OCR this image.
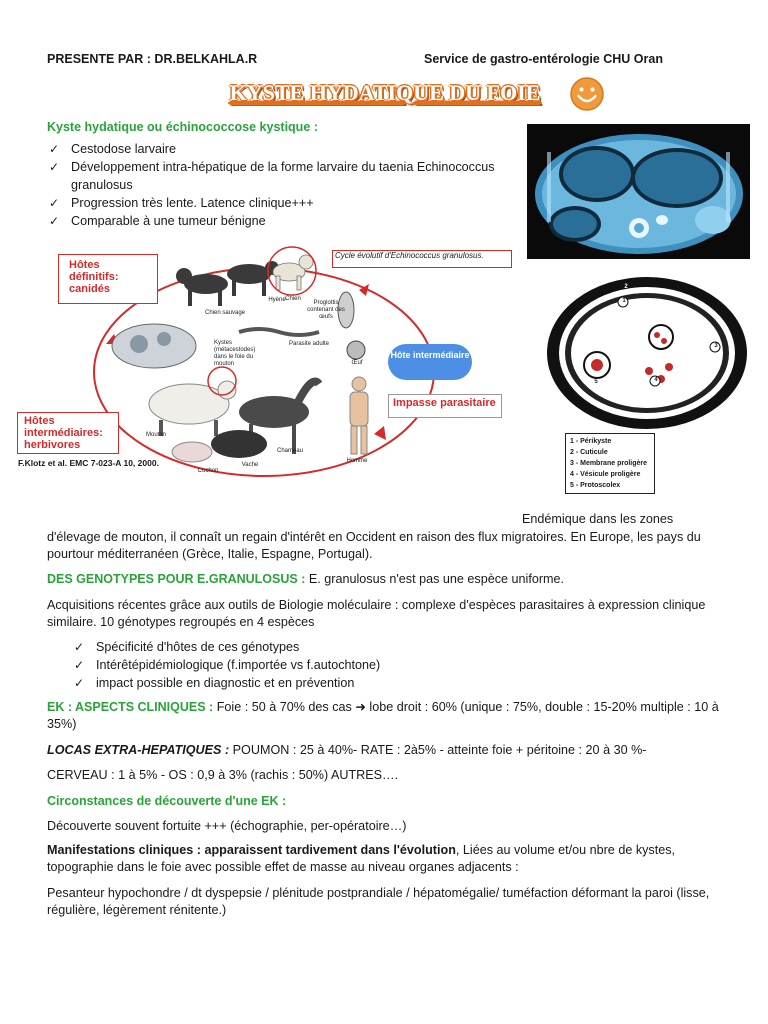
PRESENTE PAR : DR.BELKAHLA.R	Service de gastro-entérologie CHU Oran
KYSTE HYDATIQUE DU FOIE
Kyste hydatique ou échinococcose kystique :
✓ Cestodose larvaire
✓ Développement intra-hépatique de la forme larvaire du taenia Echinococcus granulosus
✓ Progression très lente. Latence clinique+++
✓ Comparable à une tumeur bénigne
Hyène Chien
Chien sauvage
Proglottis contenant des œufs
Kystes (métacestodes) dans le foie du mouton
Parasite adulte
Œuf
Mouton
Chameau
Vache
Cochon
Homme
Cycle évolutif d'Echinococcus granulosus.
Hôtes définitifs: canidés
Hôtes intermédiaires: herbivores
Hôte intermédiaire
Impasse parasitaire
F.Klotz et al. EMC 7-023-A 10, 2000.
1
2
3
4
5
1 - Périkyste
2 - Cuticule
3 - Membrane proligère
4 - Vésicule proligère
5 - Protoscolex
Endémique dans les zones
d'élevage de mouton, il connaît un regain d'intérêt en Occident en raison des flux migratoires. En Europe, les pays du pourtour méditerranéen (Grèce, Italie, Espagne, Portugal).
DES GENOTYPES POUR E.GRANULOSUS : E. granulosus n'est pas une espèce uniforme.
Acquisitions récentes grâce aux outils de Biologie moléculaire : complexe d'espèces parasitaires à expression clinique similaire. 10 génotypes regroupés en 4 espèces
✓ Spécificité d'hôtes de ces génotypes
✓ Intérêtépidémiologique (f.importée vs f.autochtone)
✓ impact possible en diagnostic et en prévention
EK : ASPECTS CLINIQUES : Foie : 50 à 70% des cas ➜ lobe droit : 60% (unique : 75%, double : 15-20% multiple : 10 à 35%)
LOCAS EXTRA-HEPATIQUES : POUMON : 25 à 40%- RATE : 2à5% - atteinte foie + péritoine : 20 à 30 %-
CERVEAU : 1 à 5% - OS : 0,9 à 3% (rachis : 50%) AUTRES….
Circonstances de découverte d'une EK :
Découverte souvent fortuite +++ (échographie, per-opératoire…)
Manifestations cliniques : apparaissent tardivement dans l'évolution, Liées au volume et/ou nbre de kystes, topographie dans le foie avec possible effet de masse au niveau organes adjacents :
Pesanteur hypochondre / dt dyspepsie / plénitude postprandiale / hépatomégalie/ tuméfaction déformant la paroi (lisse, régulière, légèrement rénitente.)
